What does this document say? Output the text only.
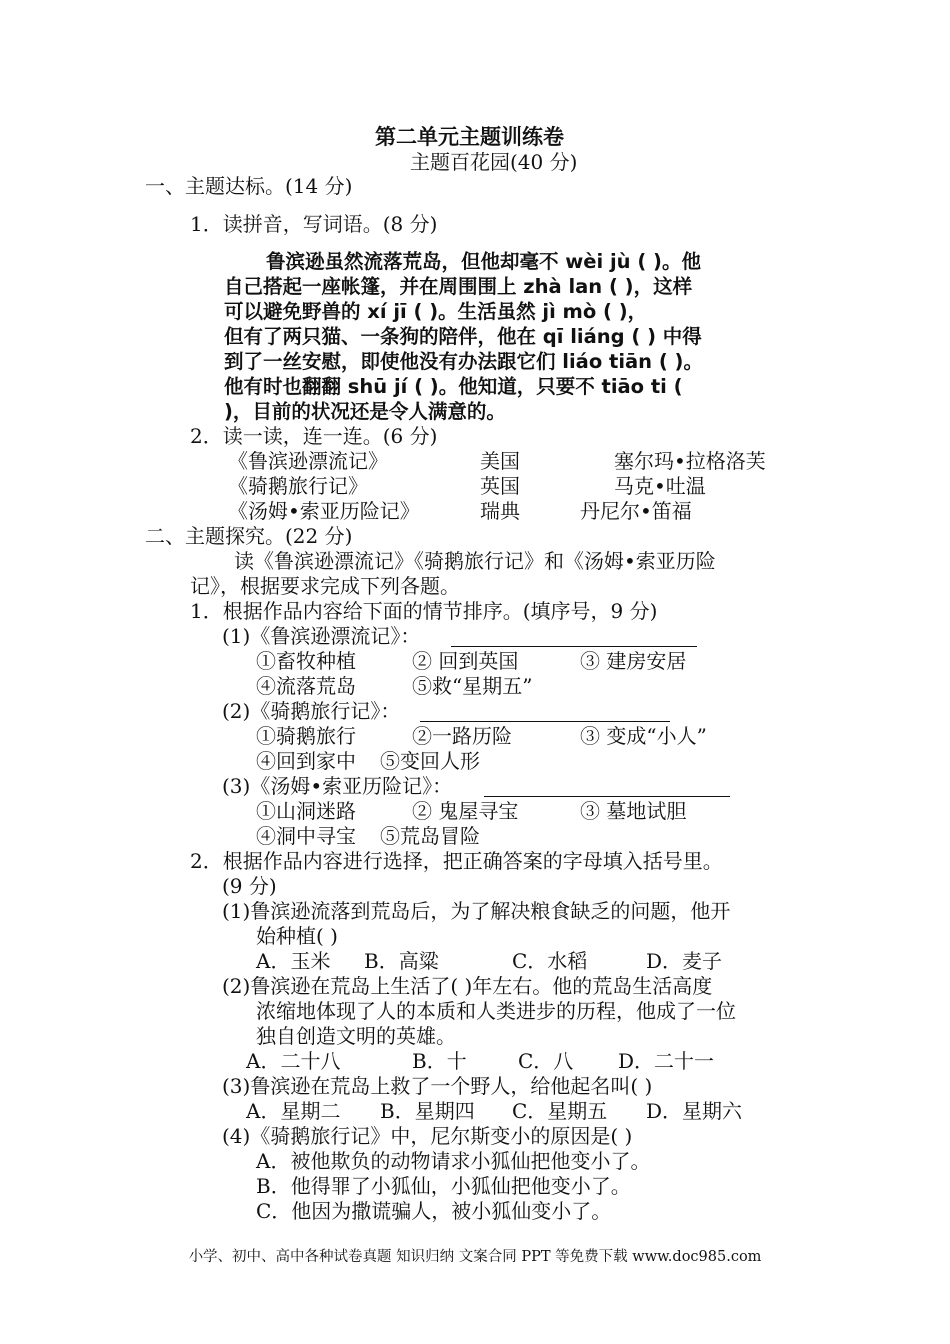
第二单元主题训练卷
主题百花园(40 分)
一、主题达标。(14 分)
1．读拼音，写词语。(8 分)
鲁滨逊虽然流落荒岛，但他却毫不 wèi jù ( )。他
自己搭起一座帐篷，并在周围围上 zhà lan ( )，这样
可以避免野兽的 xí jī ( )。生活虽然 jì mò ( )，
但有了两只猫、一条狗的陪伴，他在 qī liáng ( ) 中得
到了一丝安慰，即使他没有办法跟它们 liáo tiān ( )。
他有时也翻翻 shū jí ( )。他知道，只要不 tiāo ti (
)，目前的状况还是令人满意的。
2．读一读，连一连。(6 分)
《鲁滨逊漂流记》	美国	塞尔玛•拉格洛芙
《骑鹅旅行记》	英国	马克•吐温
《汤姆•索亚历险记》	瑞典	丹尼尔•笛福
二、主题探究。(22 分)
读《鲁滨逊漂流记》《骑鹅旅行记》和《汤姆•索亚历险
记》，根据要求完成下列各题。
1．根据作品内容给下面的情节排序。(填序号，9 分)
(1)《鲁滨逊漂流记》：
①畜牧种植	② 回到英国	③ 建房安居
④流落荒岛	⑤救“星期五”
(2)《骑鹅旅行记》：
①骑鹅旅行	②一路历险	③ 变成“小人”
④回到家中 ⑤变回人形
(3)《汤姆•索亚历险记》：
①山洞迷路	② 鬼屋寻宝	③ 墓地试胆
④洞中寻宝 ⑤荒岛冒险
2．根据作品内容进行选择，把正确答案的字母填入括号里。
(9 分)
(1)鲁滨逊流落到荒岛后，为了解决粮食缺乏的问题，他开
始种植( )
A．玉米 B．高粱	C．水稻	D．麦子
(2)鲁滨逊在荒岛上生活了( )年左右。他的荒岛生活高度
浓缩地体现了人的本质和人类进步的历程，他成了一位
独自创造文明的英雄。
A．二十八	B．十	C．八 D．二十一
(3)鲁滨逊在荒岛上救了一个野人，给他起名叫( )
A．星期二 B．星期四 C．星期五 D．星期六
(4)《骑鹅旅行记》中，尼尔斯变小的原因是( )
A．被他欺负的动物请求小狐仙把他变小了。
B．他得罪了小狐仙，小狐仙把他变小了。
C．他因为撒谎骗人，被小狐仙变小了。
小学、初中、高中各种试卷真题 知识归纳 文案合同 PPT 等免费下载 www.doc985.com
